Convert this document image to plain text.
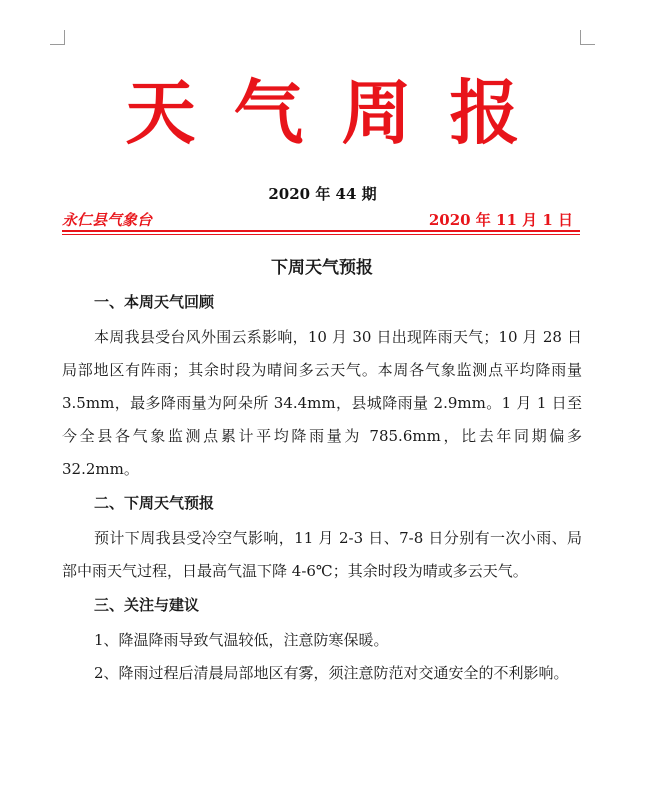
天气周报
2020 年 44 期
永仁县气象台	2020 年 11 月 1 日
下周天气预报
一、本周天气回顾

本周我县受台风外围云系影响，10 月 30 日出现阵雨天气；10 月 28 日局部地区有阵雨；其余时段为晴间多云天气。本周各气象监测点平均降雨量 3.5mm，最多降雨量为阿朵所 34.4mm，县城降雨量 2.9mm。1 月 1 日至今全县各气象监测点累计平均降雨量为 785.6mm，比去年同期偏多 32.2mm。

二、下周天气预报

预计下周我县受冷空气影响，11 月 2-3 日、7-8 日分别有一次小雨、局部中雨天气过程，日最高气温下降 4-6℃；其余时段为晴或多云天气。

三、关注与建议

1、降温降雨导致气温较低，注意防寒保暖。

2、降雨过程后清晨局部地区有雾，须注意防范对交通安全的不利影响。
